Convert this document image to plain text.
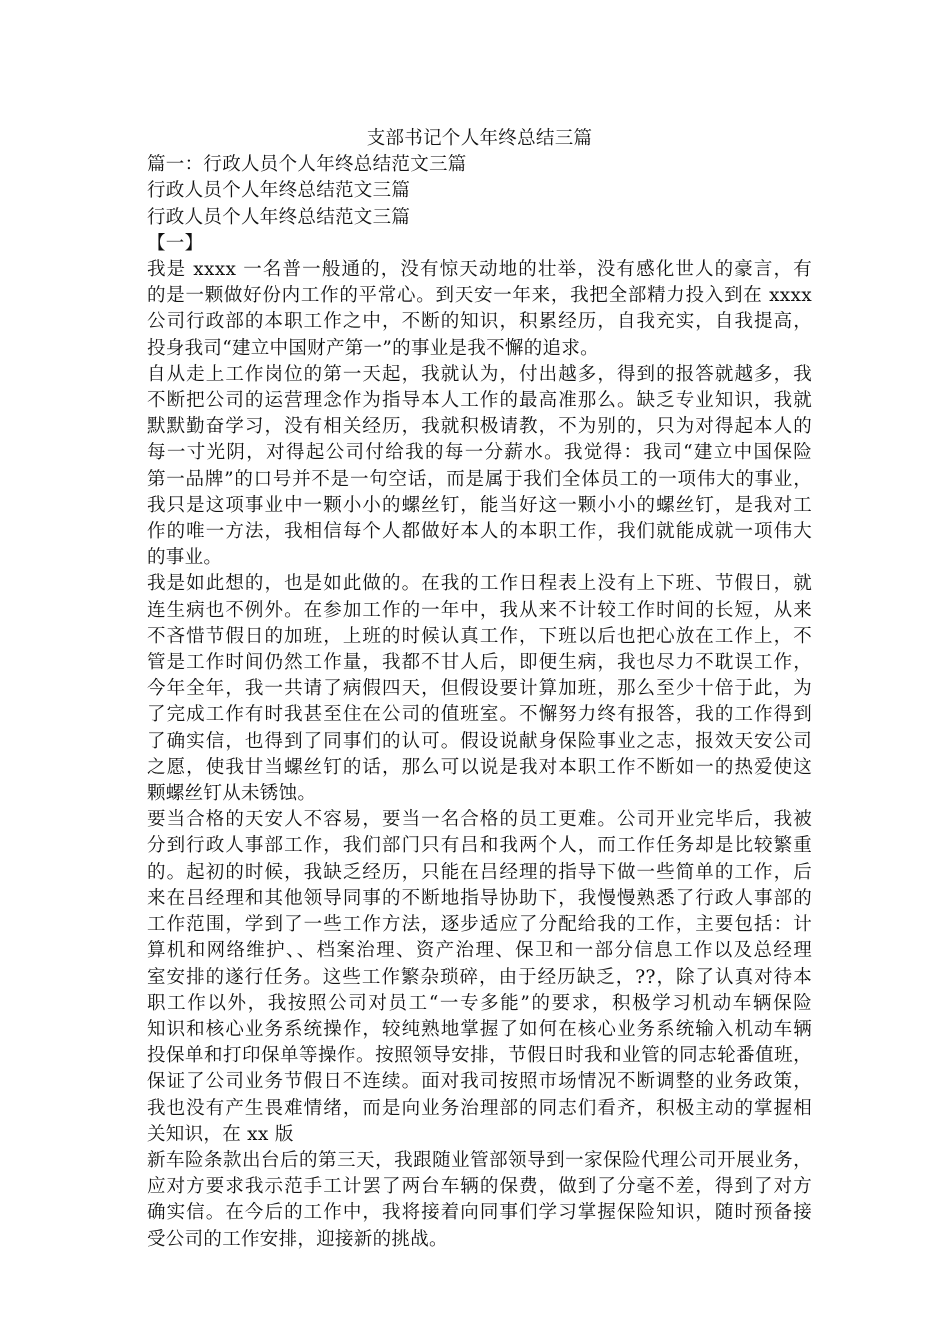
支部书记个人年终总结三篇
篇一：行政人员个人年终总结范文三篇
行政人员个人年终总结范文三篇
行政人员个人年终总结范文三篇
【一】
我是 xxxx 一名普一般通的，没有惊天动地的壮举，没有感化世人的豪言，有
的是一颗做好份内工作的平常心。到天安一年来，我把全部精力投入到在 xxxx
公司行政部的本职工作之中，不断的知识，积累经历，自我充实，自我提高，
投身我司“建立中国财产第一”的事业是我不懈的追求。
自从走上工作岗位的第一天起，我就认为，付出越多，得到的报答就越多，我
不断把公司的运营理念作为指导本人工作的最高准那么。缺乏专业知识，我就
默默勤奋学习，没有相关经历，我就积极请教，不为别的，只为对得起本人的
每一寸光阴，对得起公司付给我的每一分薪水。我觉得：我司“建立中国保险
第一品牌”的口号并不是一句空话，而是属于我们全体员工的一项伟大的事业，
我只是这项事业中一颗小小的螺丝钉，能当好这一颗小小的螺丝钉，是我对工
作的唯一方法，我相信每个人都做好本人的本职工作，我们就能成就一项伟大
的事业。
我是如此想的，也是如此做的。在我的工作日程表上没有上下班、节假日，就
连生病也不例外。在参加工作的一年中，我从来不计较工作时间的长短，从来
不吝惜节假日的加班，上班的时候认真工作，下班以后也把心放在工作上，不
管是工作时间仍然工作量，我都不甘人后，即便生病，我也尽力不耽误工作，
今年全年，我一共请了病假四天，但假设要计算加班，那么至少十倍于此，为
了完成工作有时我甚至住在公司的值班室。不懈努力终有报答，我的工作得到
了确实信，也得到了同事们的认可。假设说献身保险事业之志，报效天安公司
之愿，使我甘当螺丝钉的话，那么可以说是我对本职工作不断如一的热爱使这
颗螺丝钉从未锈蚀。
要当合格的天安人不容易，要当一名合格的员工更难。公司开业完毕后，我被
分到行政人事部工作，我们部门只有吕和我两个人，而工作任务却是比较繁重
的。起初的时候，我缺乏经历，只能在吕经理的指导下做一些简单的工作，后
来在吕经理和其他领导同事的不断地指导协助下，我慢慢熟悉了行政人事部的
工作范围，学到了一些工作方法，逐步适应了分配给我的工作，主要包括：计
算机和网络维护、、档案治理、资产治理、保卫和一部分信息工作以及总经理
室安排的遂行任务。这些工作繁杂琐碎，由于经历缺乏，??，除了认真对待本
职工作以外，我按照公司对员工“一专多能”的要求，积极学习机动车辆保险
知识和核心业务系统操作，较纯熟地掌握了如何在核心业务系统输入机动车辆
投保单和打印保单等操作。按照领导安排，节假日时我和业管的同志轮番值班，
保证了公司业务节假日不连续。面对我司按照市场情况不断调整的业务政策，
我也没有产生畏难情绪，而是向业务治理部的同志们看齐，积极主动的掌握相
关知识，在 xx 版
新车险条款出台后的第三天，我跟随业管部领导到一家保险代理公司开展业务，
应对方要求我示范手工计罢了两台车辆的保费，做到了分毫不差，得到了对方
确实信。在今后的工作中，我将接着向同事们学习掌握保险知识，随时预备接
受公司的工作安排，迎接新的挑战。
